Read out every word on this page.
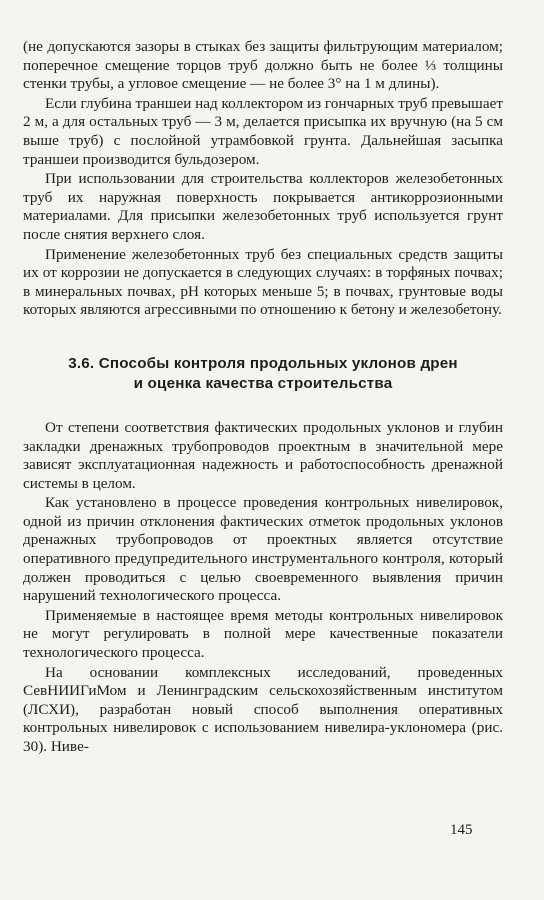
(не допускаются зазоры в стыках без защиты фильтрующим материалом; поперечное смещение торцов труб должно быть не более ⅓ толщины стенки трубы, а угловое смещение — не более 3° на 1 м длины).

Если глубина траншеи над коллектором из гончарных труб превышает 2 м, а для остальных труб — 3 м, делается присыпка их вручную (на 5 см выше труб) с послойной утрамбовкой грунта. Дальнейшая засыпка траншеи производится бульдозером.

При использовании для строительства коллекторов железобетонных труб их наружная поверхность покрывается антикоррозионными материалами. Для присыпки железобетонных труб используется грунт после снятия верхнего слоя.

Применение железобетонных труб без специальных средств защиты их от коррозии не допускается в следующих случаях: в торфяных почвах; в минеральных почвах, pH которых меньше 5; в почвах, грунтовые воды которых являются агрессивными по отношению к бетону и железобетону.

3.6. Способы контроля продольных уклонов дрен
и оценка качества строительства

От степени соответствия фактических продольных уклонов и глубин закладки дренажных трубопроводов проектным в значительной мере зависят эксплуатационная надежность и работоспособность дренажной системы в целом.

Как установлено в процессе проведения контрольных нивелировок, одной из причин отклонения фактических отметок продольных уклонов дренажных трубопроводов от проектных является отсутствие оперативного предупредительного инструментального контроля, который должен проводиться с целью своевременного выявления причин нарушений технологического процесса.

Применяемые в настоящее время методы контрольных нивелировок не могут регулировать в полной мере качественные показатели технологического процесса.

На основании комплексных исследований, проведенных СевНИИГиМом и Ленинградским сельскохозяйственным институтом (ЛСХИ), разработан новый способ выполнения оперативных контрольных нивелировок с использованием нивелира-уклономера (рис. 30). Нивe-

145
